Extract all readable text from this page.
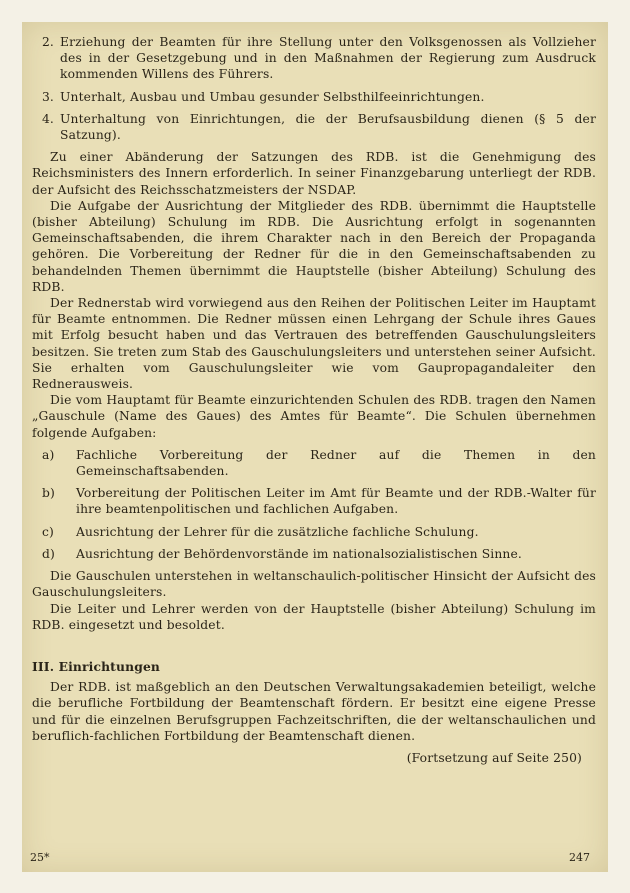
2. Erziehung der Beamten für ihre Stellung unter den Volksgenossen als Vollzieher des in der Gesetzgebung und in den Maßnahmen der Regierung zum Ausdruck kommenden Willens des Führers.
3. Unterhalt, Ausbau und Umbau gesunder Selbsthilfeeinrichtungen.
4. Unterhaltung von Einrichtungen, die der Berufsausbildung dienen (§ 5 der Satzung).

Zu einer Abänderung der Satzungen des RDB. ist die Genehmigung des Reichsministers des Innern erforderlich. In seiner Finanzgebarung unterliegt der RDB. der Aufsicht des Reichsschatzmeisters der NSDAP.

Die Aufgabe der Ausrichtung der Mitglieder des RDB. übernimmt die Hauptstelle (bisher Abteilung) Schulung im RDB. Die Ausrichtung erfolgt in sogenannten Gemeinschaftsabenden, die ihrem Charakter nach in den Bereich der Propaganda gehören. Die Vorbereitung der Redner für die in den Gemeinschaftsabenden zu behandelnden Themen übernimmt die Hauptstelle (bisher Abteilung) Schulung des RDB.

Der Rednerstab wird vorwiegend aus den Reihen der Politischen Leiter im Hauptamt für Beamte entnommen. Die Redner müssen einen Lehrgang der Schule ihres Gaues mit Erfolg besucht haben und das Vertrauen des betreffenden Gauschulungsleiters besitzen. Sie treten zum Stab des Gauschulungsleiters und unterstehen seiner Aufsicht. Sie erhalten vom Gauschulungsleiter wie vom Gaupropagandaleiter den Rednerausweis.

Die vom Hauptamt für Beamte einzurichtenden Schulen des RDB. tragen den Namen „Gauschule (Name des Gaues) des Amtes für Beamte“. Die Schulen übernehmen folgende Aufgaben:

a)	Fachliche Vorbereitung der Redner auf die Themen in den Gemeinschaftsabenden.
b)	Vorbereitung der Politischen Leiter im Amt für Beamte und der RDB.-Walter für ihre beamtenpolitischen und fachlichen Aufgaben.
c)	Ausrichtung der Lehrer für die zusätzliche fachliche Schulung.
d)	Ausrichtung der Behördenvorstände im nationalsozialistischen Sinne.

Die Gauschulen unterstehen in weltanschaulich-politischer Hinsicht der Aufsicht des Gauschulungsleiters.

Die Leiter und Lehrer werden von der Hauptstelle (bisher Abteilung) Schulung im RDB. eingesetzt und besoldet.

III. Einrichtungen

Der RDB. ist maßgeblich an den Deutschen Verwaltungsakademien beteiligt, welche die berufliche Fortbildung der Beamtenschaft fördern. Er besitzt eine eigene Presse und für die einzelnen Berufsgruppen Fachzeitschriften, die der weltanschaulichen und beruflich-fachlichen Fortbildung der Beamtenschaft dienen.

(Fortsetzung auf Seite 250)
25*	247
